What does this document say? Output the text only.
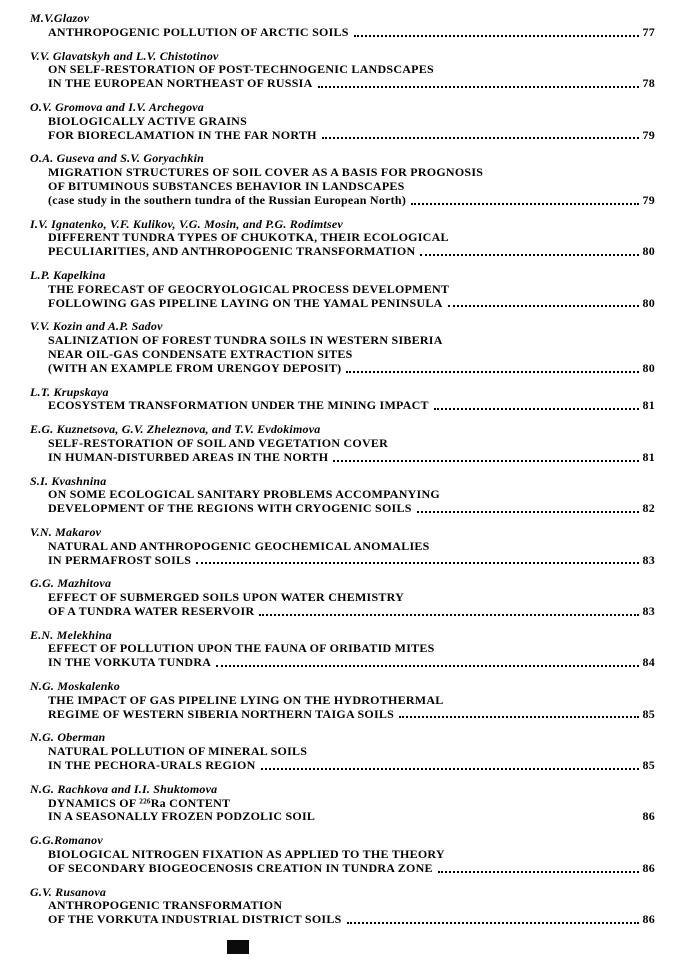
M.V.Glazov
ANTHROPOGENIC POLLUTION OF ARCTIC SOILS	77
V.V. Glavatskyh and L.V. Chistotinov
ON SELF-RESTORATION OF POST-TECHNOGENIC LANDSCAPES
IN THE EUROPEAN NORTHEAST OF RUSSIA	78
O.V. Gromova and I.V. Archegova
BIOLOGICALLY ACTIVE GRAINS
FOR BIORECLAMATION IN THE FAR NORTH	79
O.A. Guseva and S.V. Goryachkin
MIGRATION STRUCTURES OF SOIL COVER AS A BASIS FOR PROGNOSIS
OF BITUMINOUS SUBSTANCES BEHAVIOR IN LANDSCAPES
(case study in the southern tundra of the Russian European North)	79
I.V. Ignatenko, V.F. Kulikov, V.G. Mosin, and P.G. Rodimtsev
DIFFERENT TUNDRA TYPES OF CHUKOTKA, THEIR ECOLOGICAL
PECULIARITIES, AND ANTHROPOGENIC TRANSFORMATION	80
L.P. Kapelkina
THE FORECAST OF GEOCRYOLOGICAL PROCESS DEVELOPMENT
FOLLOWING GAS PIPELINE LAYING ON THE YAMAL PENINSULA	80
V.V. Kozin and A.P. Sadov
SALINIZATION OF FOREST TUNDRA SOILS IN WESTERN SIBERIA
NEAR OIL-GAS CONDENSATE EXTRACTION SITES
(WITH AN EXAMPLE FROM URENGOY DEPOSIT)	80
L.T. Krupskaya
ECOSYSTEM TRANSFORMATION UNDER THE MINING IMPACT	81
E.G. Kuznetsova, G.V. Zheleznova, and T.V. Evdokimova
SELF-RESTORATION OF SOIL AND VEGETATION COVER
IN HUMAN-DISTURBED AREAS IN THE NORTH	81
S.I. Kvashnina
ON SOME ECOLOGICAL SANITARY PROBLEMS ACCOMPANYING
DEVELOPMENT OF THE REGIONS WITH CRYOGENIC SOILS	82
V.N. Makarov
NATURAL AND ANTHROPOGENIC GEOCHEMICAL ANOMALIES
IN PERMAFROST SOILS	83
G.G. Mazhitova
EFFECT OF SUBMERGED SOILS UPON WATER CHEMISTRY
OF A TUNDRA WATER RESERVOIR	83
E.N. Melekhina
EFFECT OF POLLUTION UPON THE FAUNA OF ORIBATID MITES
IN THE VORKUTA TUNDRA	84
N.G. Moskalenko
THE IMPACT OF GAS PIPELINE LYING ON THE HYDROTHERMAL
REGIME OF WESTERN SIBERIA NORTHERN TAIGA SOILS	85
N.G. Oberman
NATURAL POLLUTION OF MINERAL SOILS
IN THE PECHORA-URALS REGION	85
N.G. Rachkova and I.I. Shuktomova
DYNAMICS OF ²²⁶Ra CONTENT
IN A SEASONALLY FROZEN PODZOLIC SOIL	86
G.G.Romanov
BIOLOGICAL NITROGEN FIXATION AS APPLIED TO THE THEORY
OF SECONDARY BIOGEOCENOSIS CREATION IN TUNDRA ZONE	86
G.V. Rusanova
ANTHROPOGENIC TRANSFORMATION
OF THE VORKUTA INDUSTRIAL DISTRICT SOILS	86
